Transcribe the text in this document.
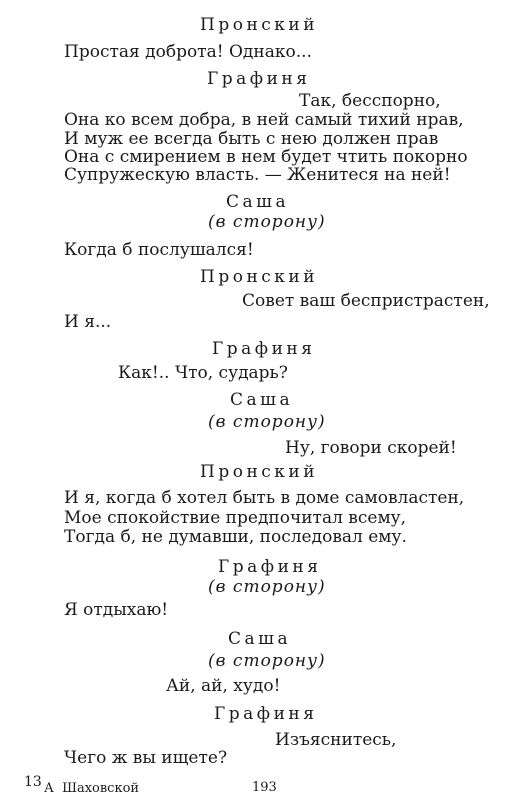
Пронский
Простая доброта! Однако...
Графиня
Так, бесспорно,
Она ко всем добра, в ней самый тихий нрав,
И муж ее всегда быть с нею должен прав
Она с смирением в нем будет чтить покорно
Супружескую власть. — Женитеся на ней!
Саша
(в сторону)
Когда б послушался!
Пронский
Совет ваш беспристрастен,
И я...
Графиня
Как!.. Что, сударь?
Саша
(в сторону)
Ну, говори скорей!
Пронский
И я, когда б хотел быть в доме самовластен,
Мое спокойствие предпочитал всему,
Тогда б, не думавши, последовал ему.
Графиня
(в сторону)
Я отдыхаю!
Саша
(в сторону)
Ай, ай, худо!
Графиня
Изъяснитесь,
Чего ж вы ищете?
13 А  Шаховской	193
